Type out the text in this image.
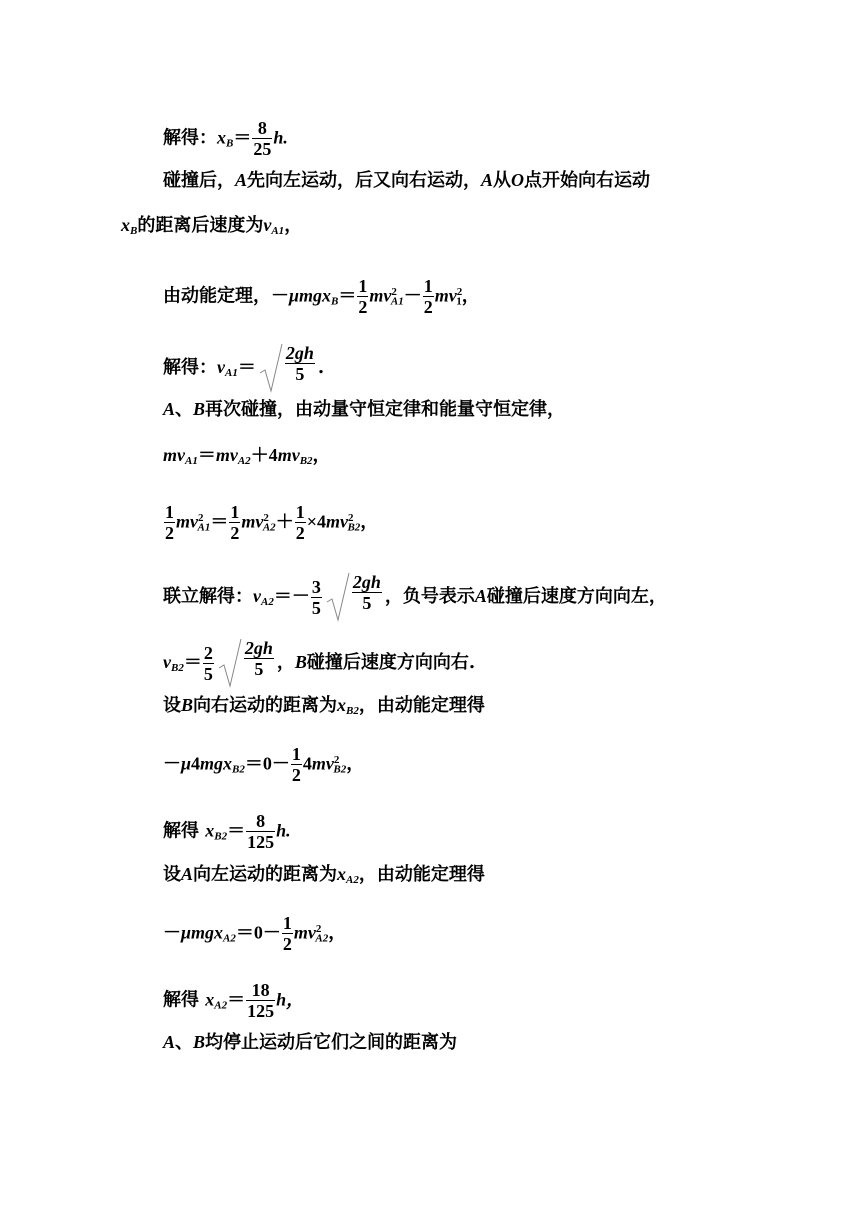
解得：$x_B= \frac{8}{25} h$.
碰撞后，A先向左运动，后又向右运动，A从O点开始向右运动
$x_B$的距离后速度为$v_{A1}$，
由动能定理，$-\mu mgx_B= \frac{1}{2} mv^2_{A1}- \frac{1}{2} mv^2_1$，
解得：$v_{A1}= \frac{2gh}{5}$ .
A、B再次碰撞，由动量守恒定律和能量守恒定律，
$mv_{A1}=mv_{A2}+4mv_{B2}$，
$\frac{1}{2} mv^2_{A1}= \frac{1}{2} mv^2_{A2}+ \frac{1}{2} \times 4mv^2_{B2}$，
联立解得：$v_{A2}=- \frac{3}{5} \frac{2gh}{5}$ ，负号表示A碰撞后速度方向向左，
$v_{B2}= \frac{2}{5} \frac{2gh}{5}$ ，B碰撞后速度方向向右.
设B向右运动的距离为$x_{B2}$，由动能定理得
$-\mu 4mgx_{B2}=0- \frac{1}{2} 4mv^2_{B2}$，
解得 $x_{B2}= \frac{8}{125} h$.
设A向左运动的距离为$x_{A2}$，由动能定理得
$-\mu mgx_{A2}=0- \frac{1}{2} mv^2_{A2}$，
解得 $x_{A2}= \frac{18}{125}$ h，
A、B均停止运动后它们之间的距离为
